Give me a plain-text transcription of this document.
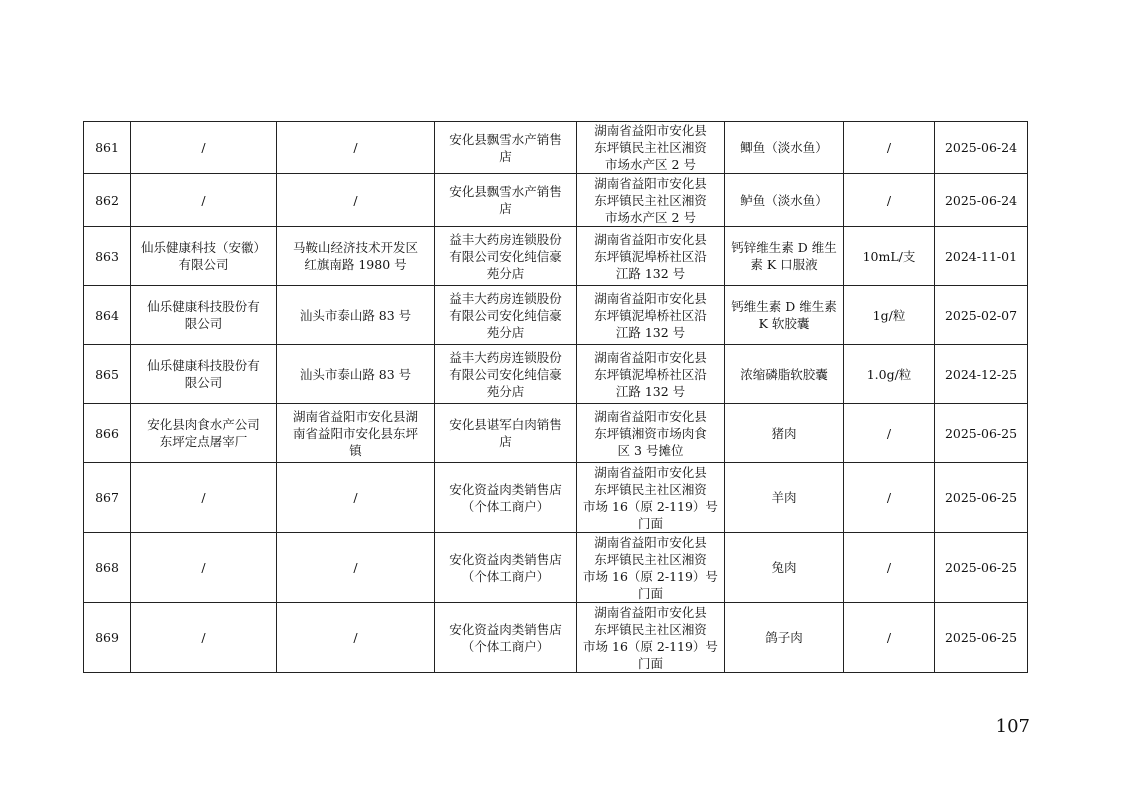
861	/	/	安化县飘雪水产销售
店	湖南省益阳市安化县
东坪镇民主社区湘资
市场水产区 2 号	鲫鱼（淡水鱼）	/	2025-06-24
862	/	/	安化县飘雪水产销售
店	湖南省益阳市安化县
东坪镇民主社区湘资
市场水产区 2 号	鲈鱼（淡水鱼）	/	2025-06-24
863	仙乐健康科技（安徽）
有限公司	马鞍山经济技术开发区
红旗南路 1980 号	益丰大药房连锁股份
有限公司安化纯信豪
苑分店	湖南省益阳市安化县
东坪镇泥埠桥社区沿
江路 132 号	钙锌维生素 D 维生
素 K 口服液	10mL/支	2024-11-01
864	仙乐健康科技股份有
限公司	汕头市泰山路 83 号	益丰大药房连锁股份
有限公司安化纯信豪
苑分店	湖南省益阳市安化县
东坪镇泥埠桥社区沿
江路 132 号	钙维生素 D 维生素
K 软胶囊	1g/粒	2025-02-07
865	仙乐健康科技股份有
限公司	汕头市泰山路 83 号	益丰大药房连锁股份
有限公司安化纯信豪
苑分店	湖南省益阳市安化县
东坪镇泥埠桥社区沿
江路 132 号	浓缩磷脂软胶囊	1.0g/粒	2024-12-25
866	安化县肉食水产公司
东坪定点屠宰厂	湖南省益阳市安化县湖
南省益阳市安化县东坪
镇	安化县谌军白肉销售
店	湖南省益阳市安化县
东坪镇湘资市场肉食
区 3 号摊位	猪肉	/	2025-06-25
867	/	/	安化资益肉类销售店
（个体工商户）	湖南省益阳市安化县
东坪镇民主社区湘资
市场 16（原 2-119）号
门面	羊肉	/	2025-06-25
868	/	/	安化资益肉类销售店
（个体工商户）	湖南省益阳市安化县
东坪镇民主社区湘资
市场 16（原 2-119）号
门面	兔肉	/	2025-06-25
869	/	/	安化资益肉类销售店
（个体工商户）	湖南省益阳市安化县
东坪镇民主社区湘资
市场 16（原 2-119）号
门面	鸽子肉	/	2025-06-25
107
